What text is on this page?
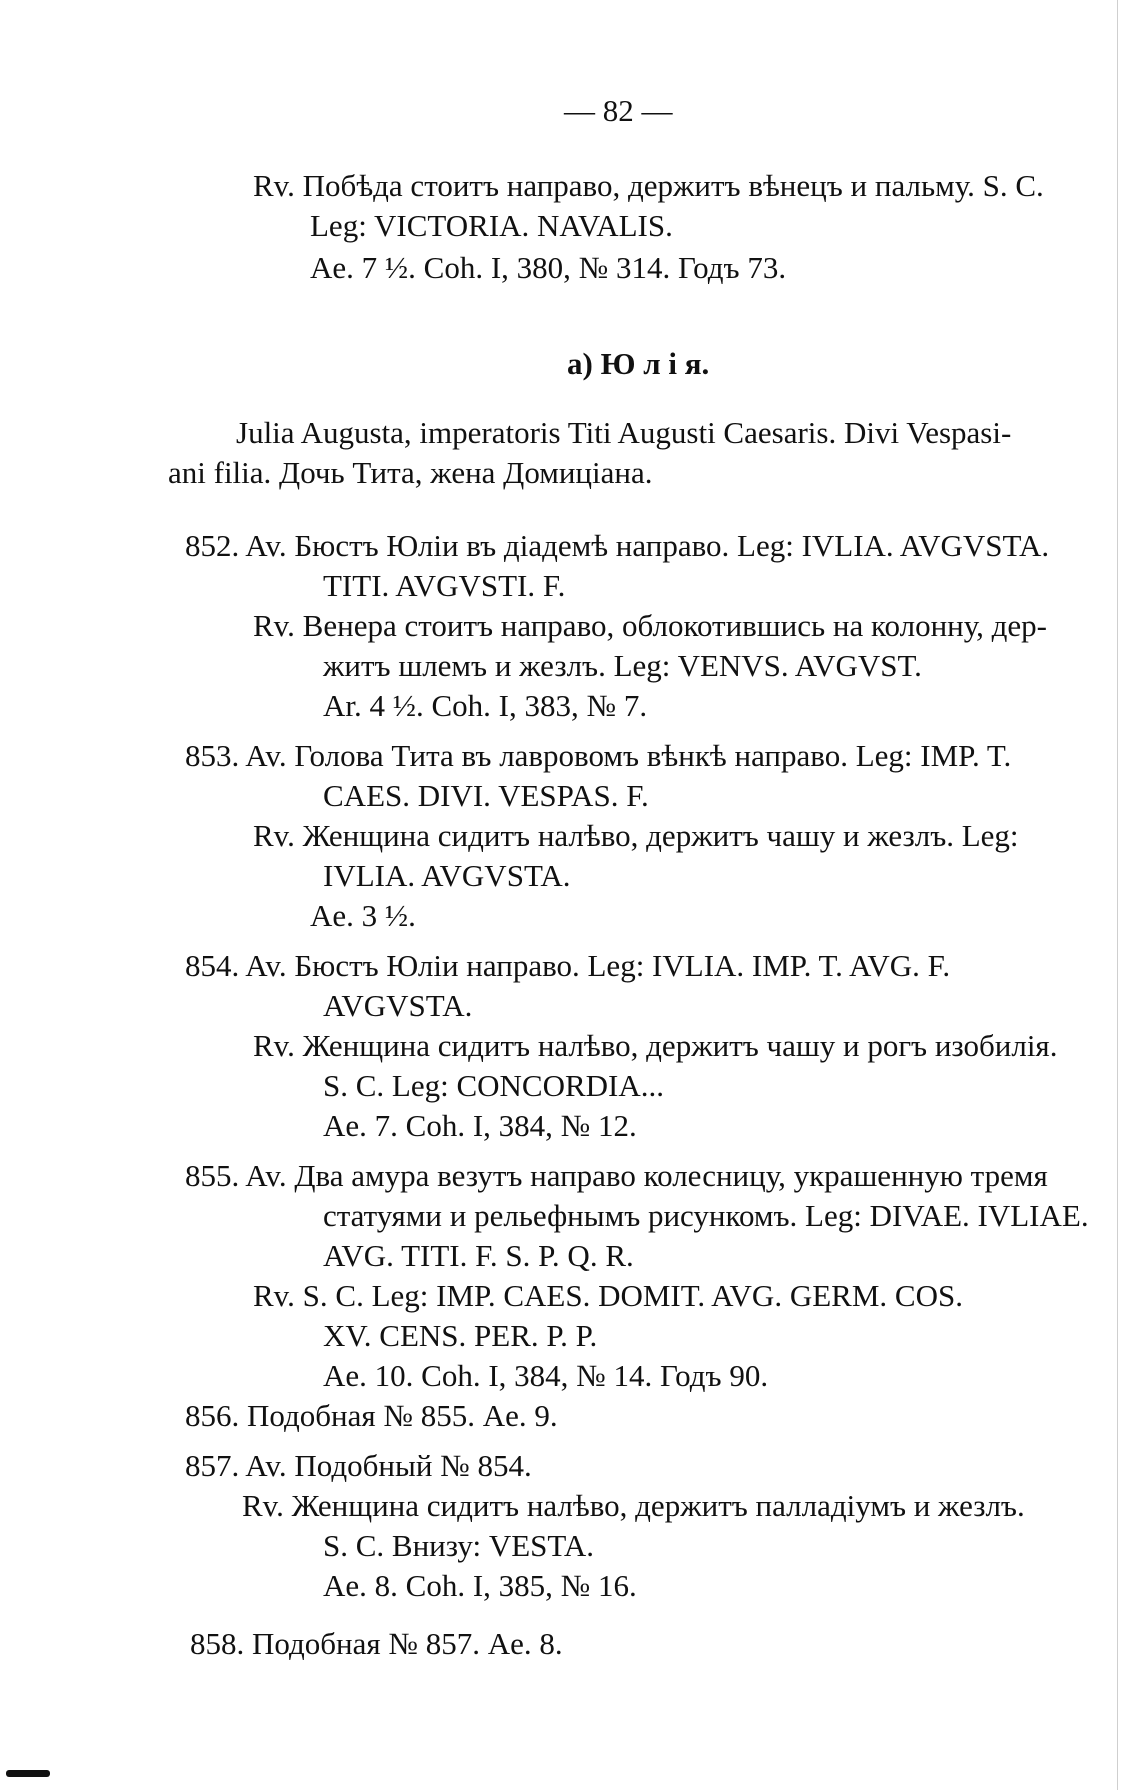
— 82 —
Rv. Побѣда стоитъ направо, держитъ вѣнецъ и пальму. S. C.
Leg: VICTORIA. NAVALIS.
Ae. 7 ½. Coh. I, 380, № 314. Годъ 73.
a) Ю л і я.
Julia Augusta, imperatoris Titi Augusti Caesaris. Divi Vespasi-
ani filia. Дочь Тита, жена Домиціана.
852. Av. Бюстъ Юліи въ діадемѣ направо. Leg: IVLIA. AVGVSTA.
TITI. AVGVSTI. F.
Rv. Венера стоитъ направо, облокотившись на колонну, дер-
житъ шлемъ и жезлъ. Leg: VENVS. AVGVST.
Ar. 4 ½. Coh. I, 383, № 7.
853. Av. Голова Тита въ лавровомъ вѣнкѣ направо. Leg: IMP. T.
CAES. DIVI. VESPAS. F.
Rv. Женщина сидитъ налѣво, держитъ чашу и жезлъ. Leg:
IVLIA. AVGVSTA.
Ae. 3 ½.
854. Av. Бюстъ Юліи направо. Leg: IVLIA. IMP. T. AVG. F.
AVGVSTA.
Rv. Женщина сидитъ налѣво, держитъ чашу и рогъ изобилія.
S. C. Leg: CONCORDIA...
Ae. 7. Coh. I, 384, № 12.
855. Av. Два амура везутъ направо колесницу, украшенную тремя
статуями и рельефнымъ рисункомъ. Leg: DIVAE. IVLIAE.
AVG. TITI. F. S. P. Q. R.
Rv. S. C. Leg: IMP. CAES. DOMIT. AVG. GERM. COS.
XV. CENS. PER. P. P.
Ae. 10. Coh. I, 384, № 14. Годъ 90.
856. Подобная № 855. Ae. 9.
857. Av. Подобный № 854.
Rv. Женщина сидитъ налѣво, держитъ палладіумъ и жезлъ.
S. C. Внизу: VESTA.
Ae. 8. Coh. I, 385, № 16.
858. Подобная № 857. Ae. 8.
